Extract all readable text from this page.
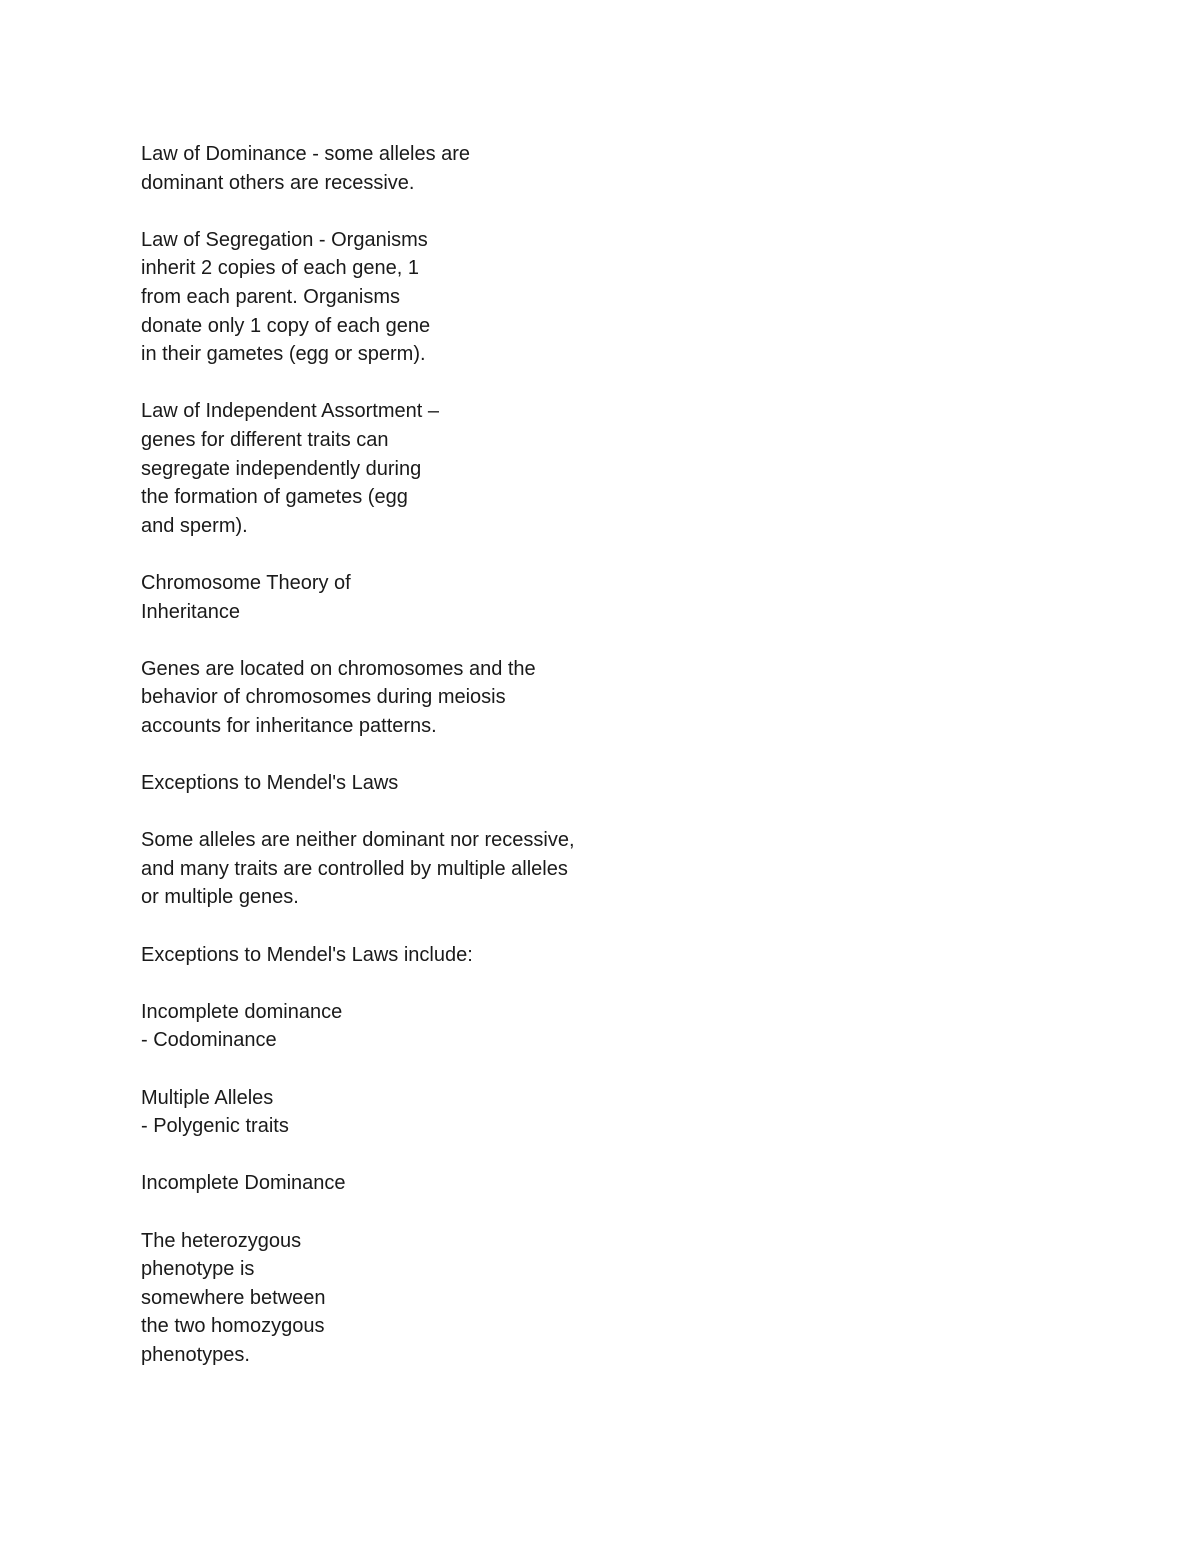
Law of Dominance - some alleles are
dominant others are recessive.

Law of Segregation - Organisms
inherit 2 copies of each gene, 1
from each parent. Organisms
donate only 1 copy of each gene
in their gametes (egg or sperm).

Law of Independent Assortment –
genes for different traits can
segregate independently during
the formation of gametes (egg
and sperm).

Chromosome Theory of
Inheritance

Genes are located on chromosomes and the
behavior of chromosomes during meiosis
accounts for inheritance patterns.

Exceptions to Mendel's Laws

Some alleles are neither dominant nor recessive,
and many traits are controlled by multiple alleles
or multiple genes.

Exceptions to Mendel's Laws include:

Incomplete dominance
- Codominance

Multiple Alleles
- Polygenic traits

Incomplete Dominance

The heterozygous
phenotype is
somewhere between
the two homozygous
phenotypes.
